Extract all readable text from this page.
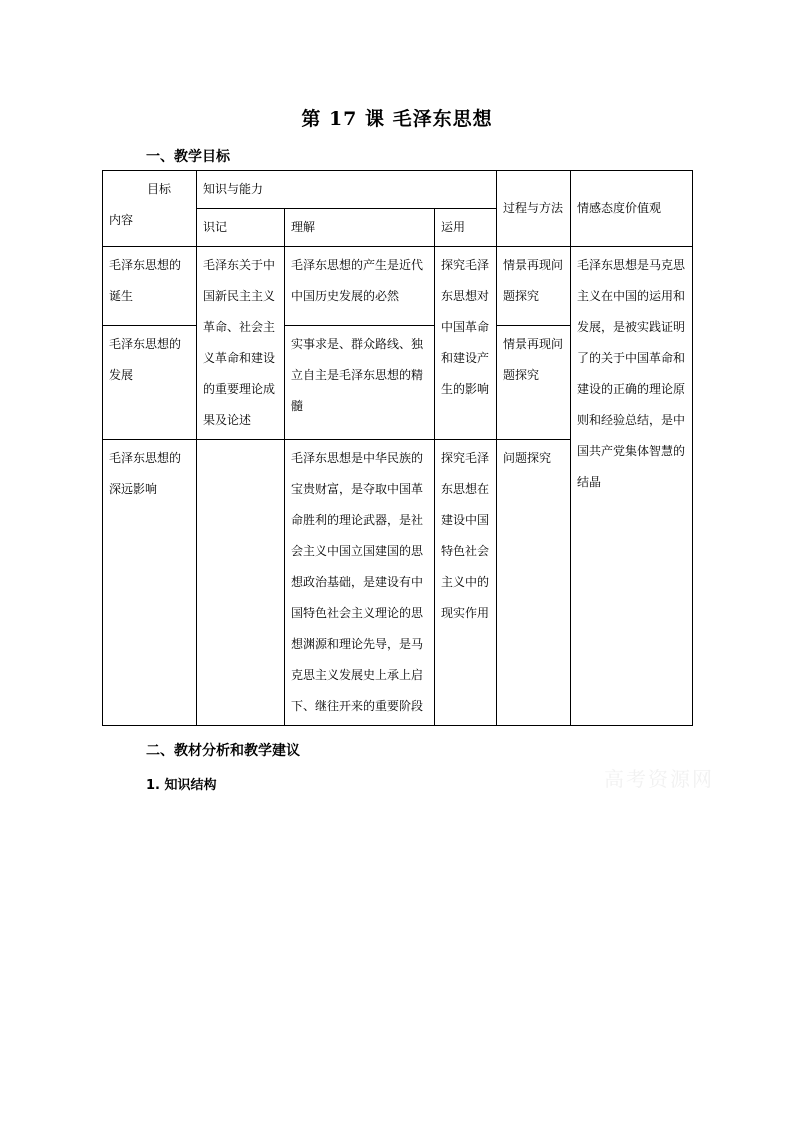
第 17 课 毛泽东思想
一、教学目标
目标
内容	知识与能力			过程与方法	情感态度价值观
	识记	理解	运用		
毛泽东思想的诞生	毛泽东关于中国新民主主义革命、社会主义革命和建设的重要理论成果及论述	毛泽东思想的产生是近代中国历史发展的必然	探究毛泽东思想对中国革命和建设产生的影响	情景再现问题探究	毛泽东思想是马克思主义在中国的运用和发展，是被实践证明了的关于中国革命和建设的正确的理论原则和经验总结，是中国共产党集体智慧的结晶
毛泽东思想的发展		实事求是、群众路线、独立自主是毛泽东思想的精髓		情景再现问题探究	
毛泽东思想的深远影响		毛泽东思想是中华民族的宝贵财富，是夺取中国革命胜利的理论武器，是社会主义中国立国建国的思想政治基础，是建设有中国特色社会主义理论的思想渊源和理论先导，是马克思主义发展史上承上启下、继往开来的重要阶段	探究毛泽东思想在建设中国特色社会主义中的现实作用	问题探究	
二、教材分析和教学建议
1. 知识结构	高考资源网
